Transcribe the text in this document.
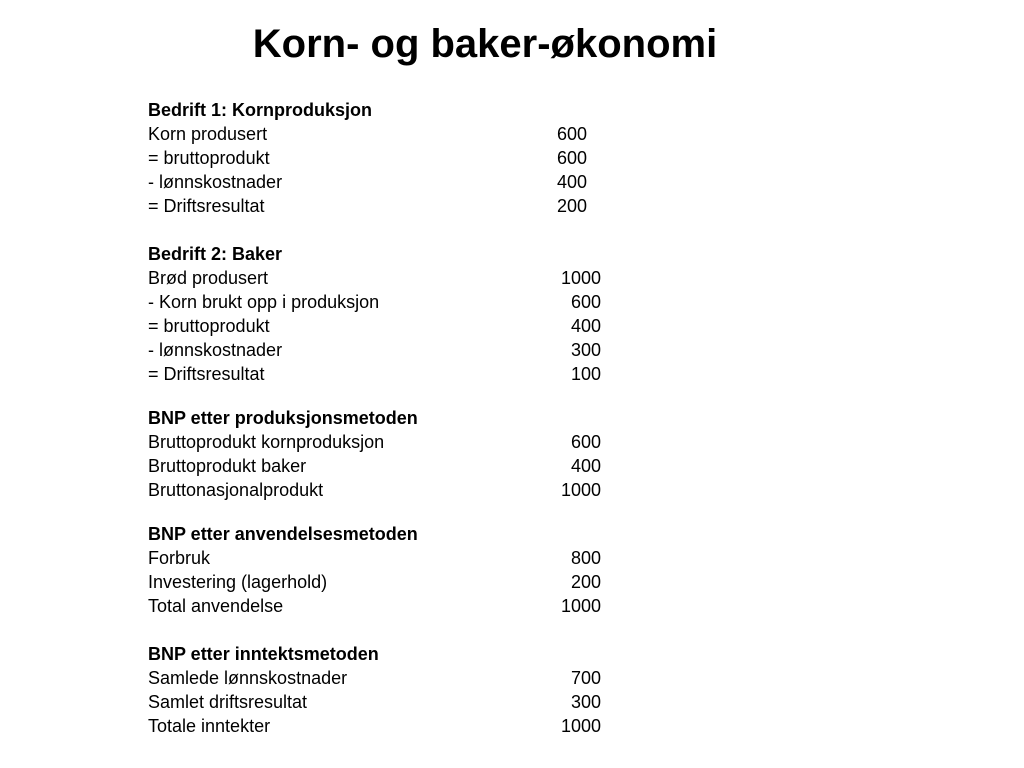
Korn- og baker-økonomi
Bedrift 1: Kornproduksjon
Korn produsert	600
= bruttoprodukt	600
- lønnskostnader	400
= Driftsresultat	200
Bedrift 2: Baker
Brød produsert	1000
- Korn brukt opp i produksjon	600
= bruttoprodukt	400
- lønnskostnader	300
= Driftsresultat	100
BNP etter produksjonsmetoden
Bruttoprodukt kornproduksjon	600
Bruttoprodukt baker	400
Bruttonasjonalprodukt	1000
BNP etter anvendelsesmetoden
Forbruk	800
Investering (lagerhold)	200
Total anvendelse	1000
BNP etter inntektsmetoden
Samlede lønnskostnader	700
Samlet driftsresultat	300
Totale inntekter	1000
